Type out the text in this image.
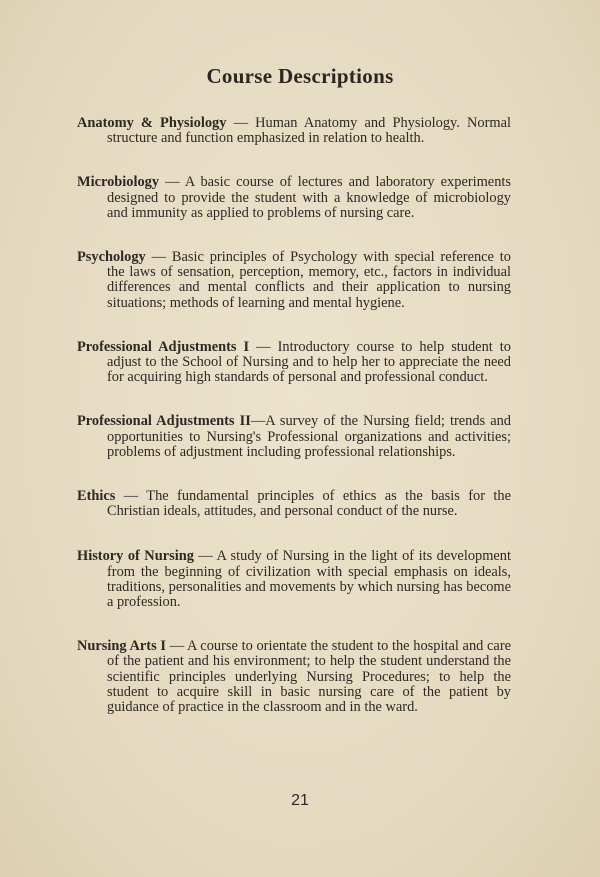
Course Descriptions

Anatomy & Physiology — Human Anatomy and Physiology. Normal structure and function emphasized in relation to health.

Microbiology — A basic course of lectures and laboratory experiments designed to provide the student with a knowledge of microbiology and immunity as applied to problems of nursing care.

Psychology — Basic principles of Psychology with special reference to the laws of sensation, perception, memory, etc., factors in individual differences and mental conflicts and their application to nursing situations; methods of learning and mental hygiene.

Professional Adjustments I — Introductory course to help student to adjust to the School of Nursing and to help her to appreciate the need for acquiring high standards of personal and professional conduct.

Professional Adjustments II—A survey of the Nursing field; trends and opportunities to Nursing's Professional organizations and activities; problems of adjustment including professional relationships.

Ethics — The fundamental principles of ethics as the basis for the Christian ideals, attitudes, and personal conduct of the nurse.

History of Nursing — A study of Nursing in the light of its development from the beginning of civilization with special emphasis on ideals, traditions, personalities and movements by which nursing has become a profession.

Nursing Arts I — A course to orientate the student to the hospital and care of the patient and his environment; to help the student understand the scientific principles underlying Nursing Procedures; to help the student to acquire skill in basic nursing care of the patient by guidance of practice in the classroom and in the ward.

21
